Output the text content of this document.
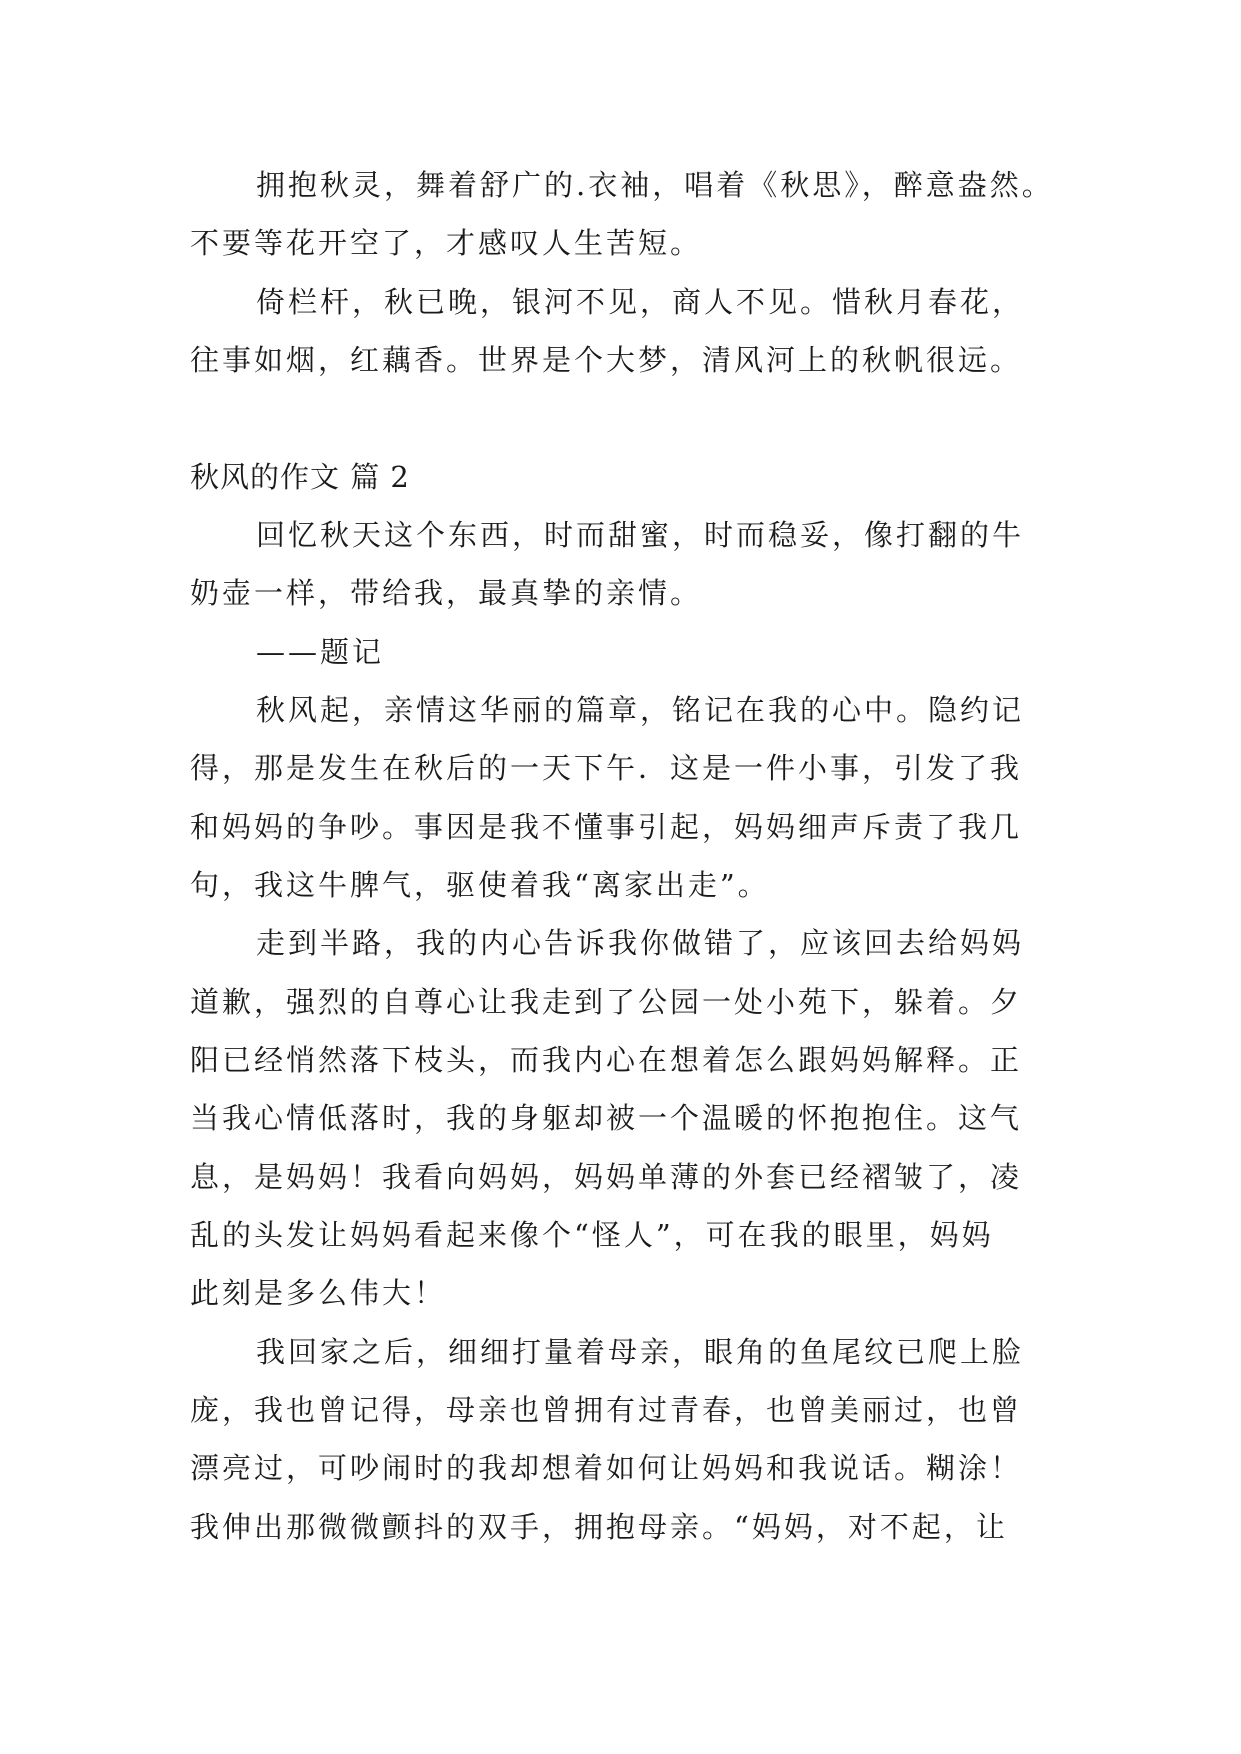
拥抱秋灵，舞着舒广的.衣袖，唱着《秋思》，醉意盎然。
不要等花开空了，才感叹人生苦短。
倚栏杆，秋已晚，银河不见，商人不见。惜秋月春花，
往事如烟，红藕香。世界是个大梦，清风河上的秋帆很远。
秋风的作文 篇 2
回忆秋天这个东西，时而甜蜜，时而稳妥，像打翻的牛
奶壶一样，带给我，最真挚的亲情。
——题记
秋风起，亲情这华丽的篇章，铭记在我的心中。隐约记
得，那是发生在秋后的一天下午．这是一件小事，引发了我
和妈妈的争吵。事因是我不懂事引起，妈妈细声斥责了我几
句，我这牛脾气，驱使着我“离家出走”。
走到半路，我的内心告诉我你做错了，应该回去给妈妈
道歉，强烈的自尊心让我走到了公园一处小苑下，躲着。夕
阳已经悄然落下枝头，而我内心在想着怎么跟妈妈解释。正
当我心情低落时，我的身躯却被一个温暖的怀抱抱住。这气
息，是妈妈！我看向妈妈，妈妈单薄的外套已经褶皱了，凌
乱的头发让妈妈看起来像个“怪人”，可在我的眼里，妈妈
此刻是多么伟大！
我回家之后，细细打量着母亲，眼角的鱼尾纹已爬上脸
庞，我也曾记得，母亲也曾拥有过青春，也曾美丽过，也曾
漂亮过，可吵闹时的我却想着如何让妈妈和我说话。糊涂！
我伸出那微微颤抖的双手，拥抱母亲。“妈妈，对不起，让
